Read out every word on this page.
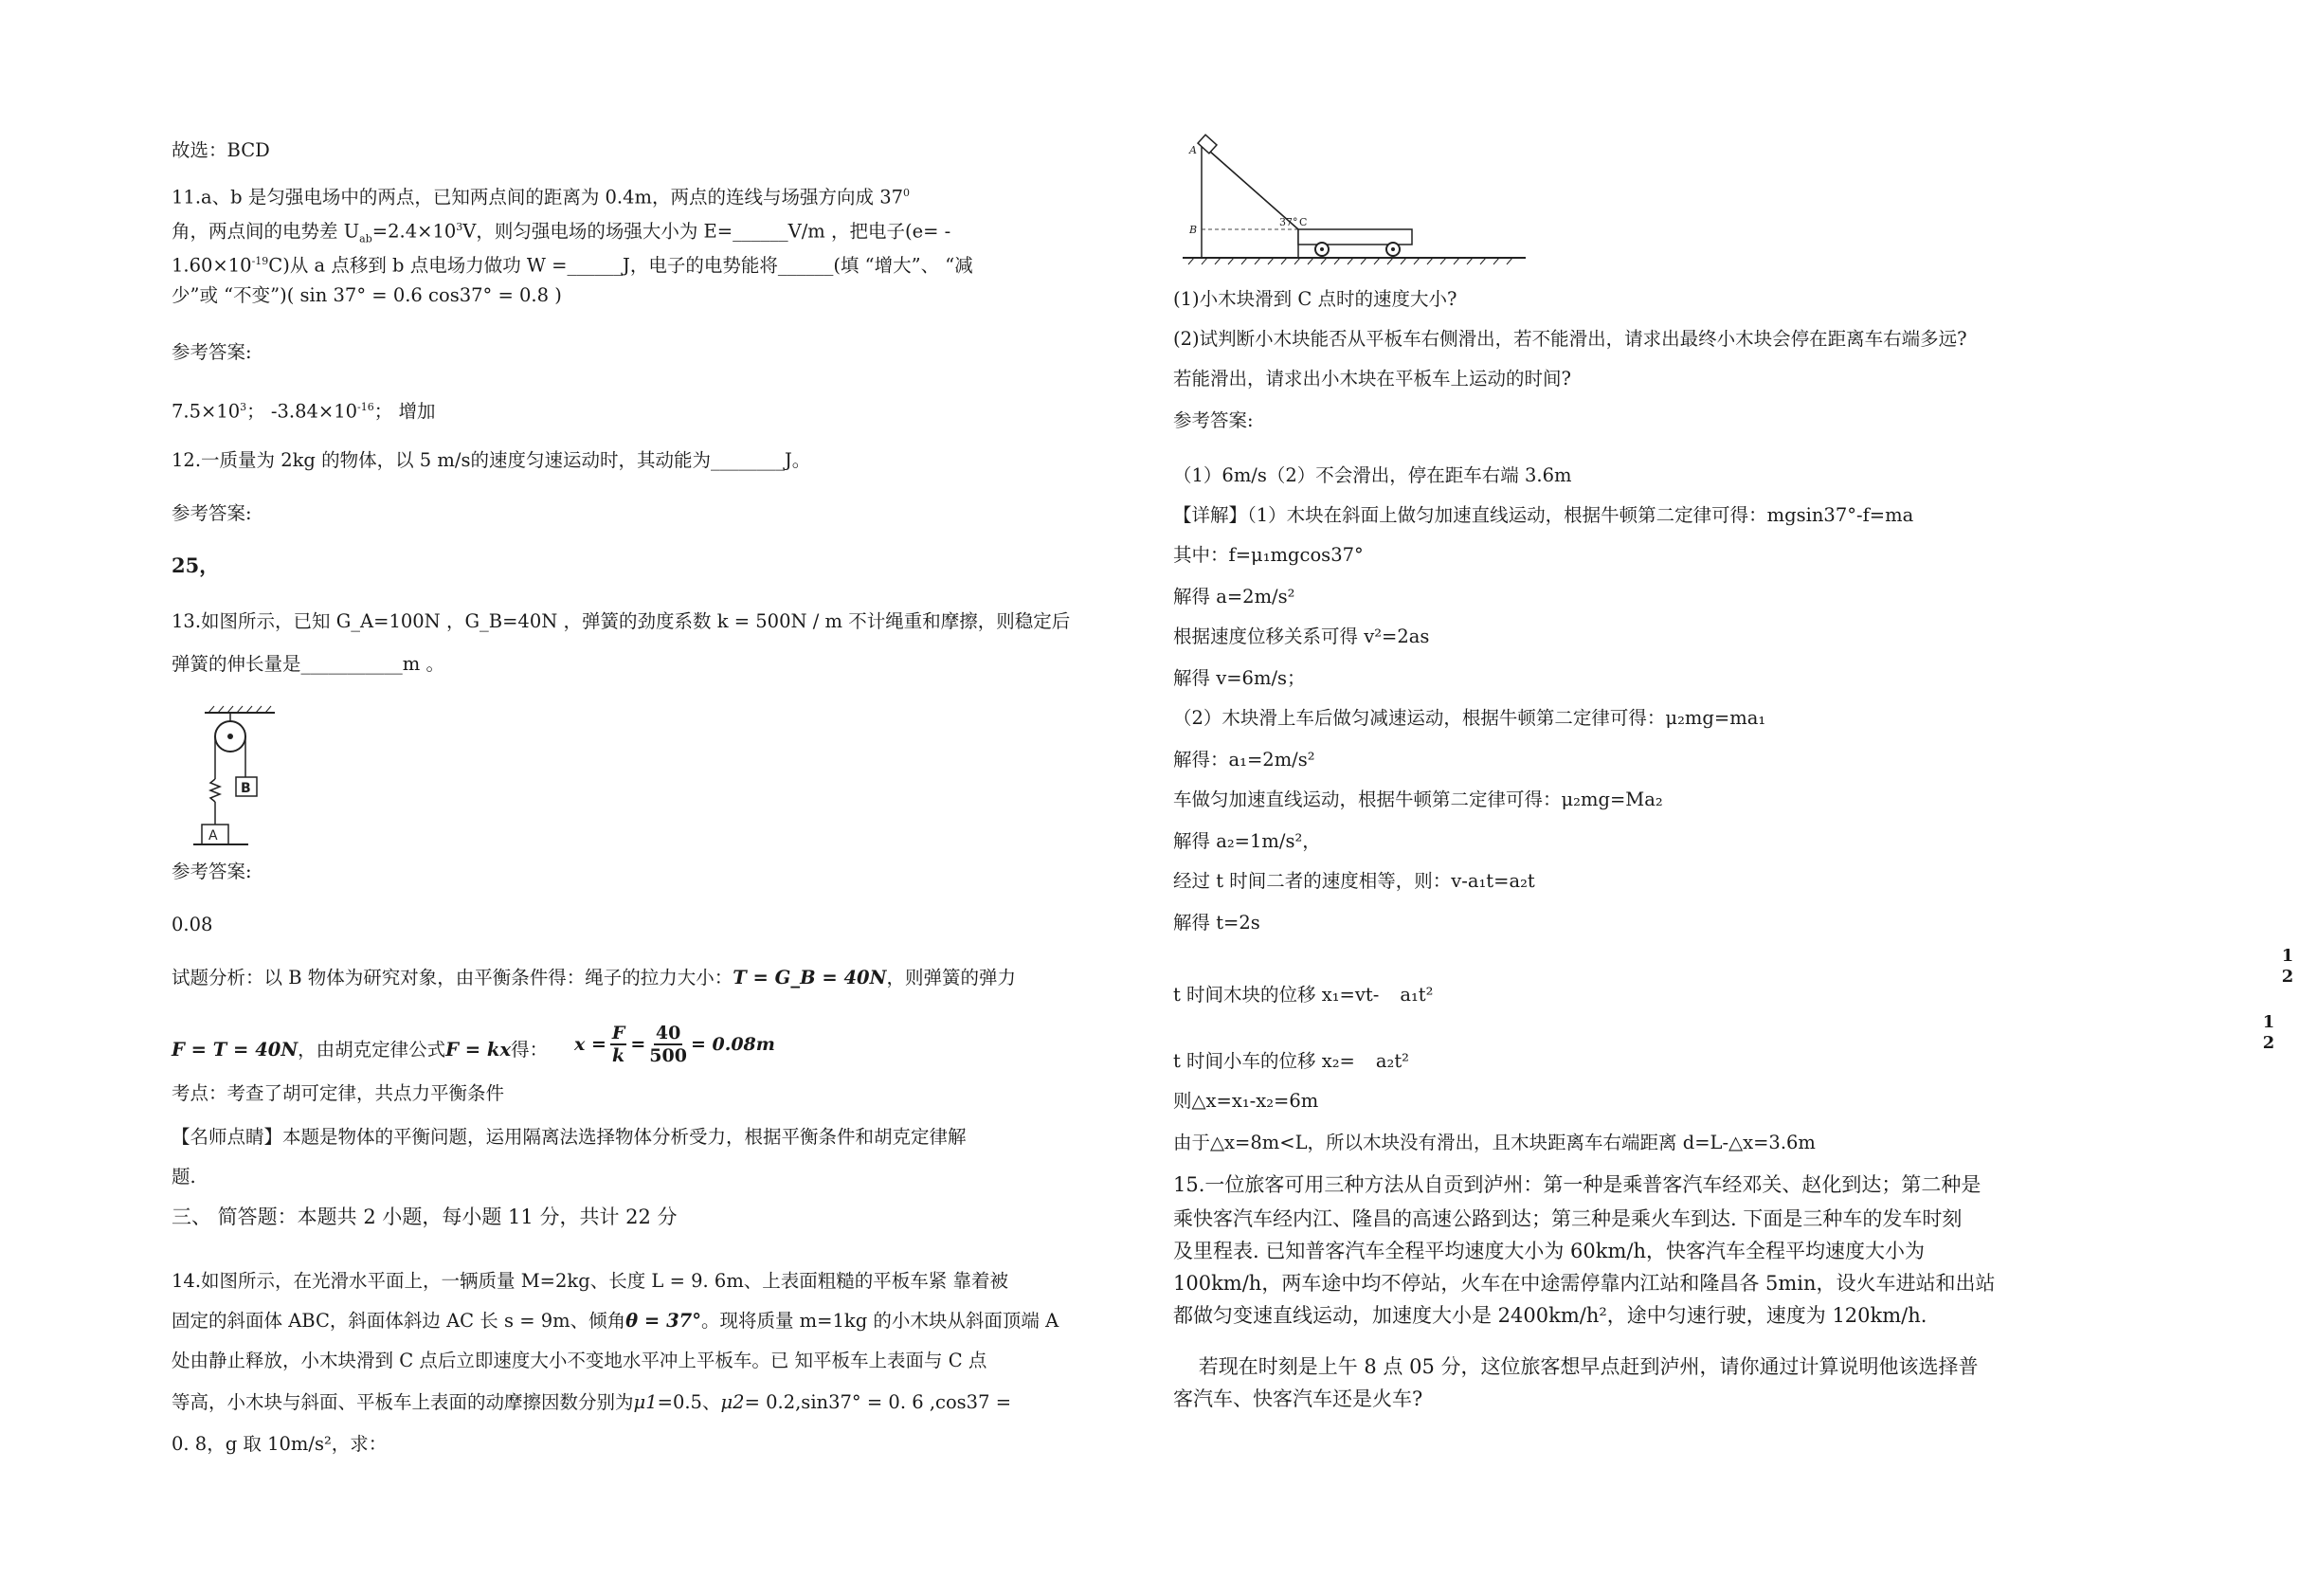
故选：BCD
11.a、b 是匀强电场中的两点，已知两点间的距离为 0.4m，两点的连线与场强方向成 $37^0$
角，两点间的电势差 $U_{ab}=2.4\times 10^3V$，则匀强电场的场强大小为 E=______V/m ，把电子(e= -
$1.60\times 10^{-19}C$)从 a 点移到 b 点电场力做功 W =______J，电子的电势能将______(填 “增大”、 “减
少”或 “不变”)( sin 37° = 0.6 cos37° = 0.8 )
参考答案:
$7.5\times 10^3$； $-3.84\times 10^{-16}$； 增加
12.一质量为 2kg 的物体，以 5 m/s的速度匀速运动时，其动能为________J。
参考答案:
25，
13.如图所示，已知 G_A=100N ，G_B=40N ，弹簧的劲度系数 k = 500N / m 不计绳重和摩擦，则稳定后
弹簧的伸长量是___________m 。
B
A
参考答案:
0.08
试题分析：以 B 物体为研究对象，由平衡条件得：绳子的拉力大小：T = G_B = 40N，则弹簧的弹力
F = T = 40N，由胡克定律公式F = kx得： $x = \frac{F}{k} = \frac{40}{500} = 0.08m$
考点：考查了胡可定律，共点力平衡条件
【名师点睛】本题是物体的平衡问题，运用隔离法选择物体分析受力，根据平衡条件和胡克定律解
题.
三、 简答题：本题共 2 小题，每小题 11 分，共计 22 分
14.如图所示，在光滑水平面上，一辆质量 M=2kg、长度 L = 9. 6m、上表面粗糙的平板车紧 靠着被
固定的斜面体 ABC，斜面体斜边 AC 长 s = 9m、倾角θ = 37°。现将质量 m=1kg 的小木块从斜面顶端 A
处由静止释放，小木块滑到 C 点后立即速度大小不变地水平冲上平板车。已 知平板车上表面与 C 点
等高，小木块与斜面、平板车上表面的动摩擦因数分别为μ1=0.5、μ2= 0.2,sin37° = 0. 6 ,cos37 =
0. 8，g 取 10m/s²，求：
A
B
37° C
(1)小木块滑到 C 点时的速度大小?
(2)试判断小木块能否从平板车右侧滑出，若不能滑出，请求出最终小木块会停在距离车右端多远?
若能滑出，请求出小木块在平板车上运动的时间?
参考答案:
（1）6m/s（2）不会滑出，停在距车右端 3.6m
【详解】（1）木块在斜面上做匀加速直线运动，根据牛顿第二定律可得：mgsin37°-f=ma
其中：f=μ₁mgcos37°
解得 a=2m/s²
根据速度位移关系可得 v²=2as
解得 v=6m/s；
（2）木块滑上车后做匀减速运动，根据牛顿第二定律可得：μ₂mg=ma₁
解得：a₁=2m/s²
车做匀加速直线运动，根据牛顿第二定律可得：μ₂mg=Ma₂
解得 a₂=1m/s²，
经过 t 时间二者的速度相等，则：v-a₁t=a₂t
解得 t=2s
t 时间木块的位移 x₁=vt- a₁t²
1
2
t 时间小车的位移 x₂= a₂t²
1
2
则△x=x₁-x₂=6m
由于△x=8m<L，所以木块没有滑出，且木块距离车右端距离 d=L-△x=3.6m
15.一位旅客可用三种方法从自贡到泸州：第一种是乘普客汽车经邓关、赵化到达；第二种是
乘快客汽车经内江、隆昌的高速公路到达；第三种是乘火车到达. 下面是三种车的发车时刻
及里程表. 已知普客汽车全程平均速度大小为 60km/h，快客汽车全程平均速度大小为
100km/h，两车途中均不停站，火车在中途需停靠内江站和隆昌各 5min，设火车进站和出站
都做匀变速直线运动，加速度大小是 2400km/h²，途中匀速行驶，速度为 120km/h.
若现在时刻是上午 8 点 05 分，这位旅客想早点赶到泸州，请你通过计算说明他该选择普
客汽车、快客汽车还是火车?
